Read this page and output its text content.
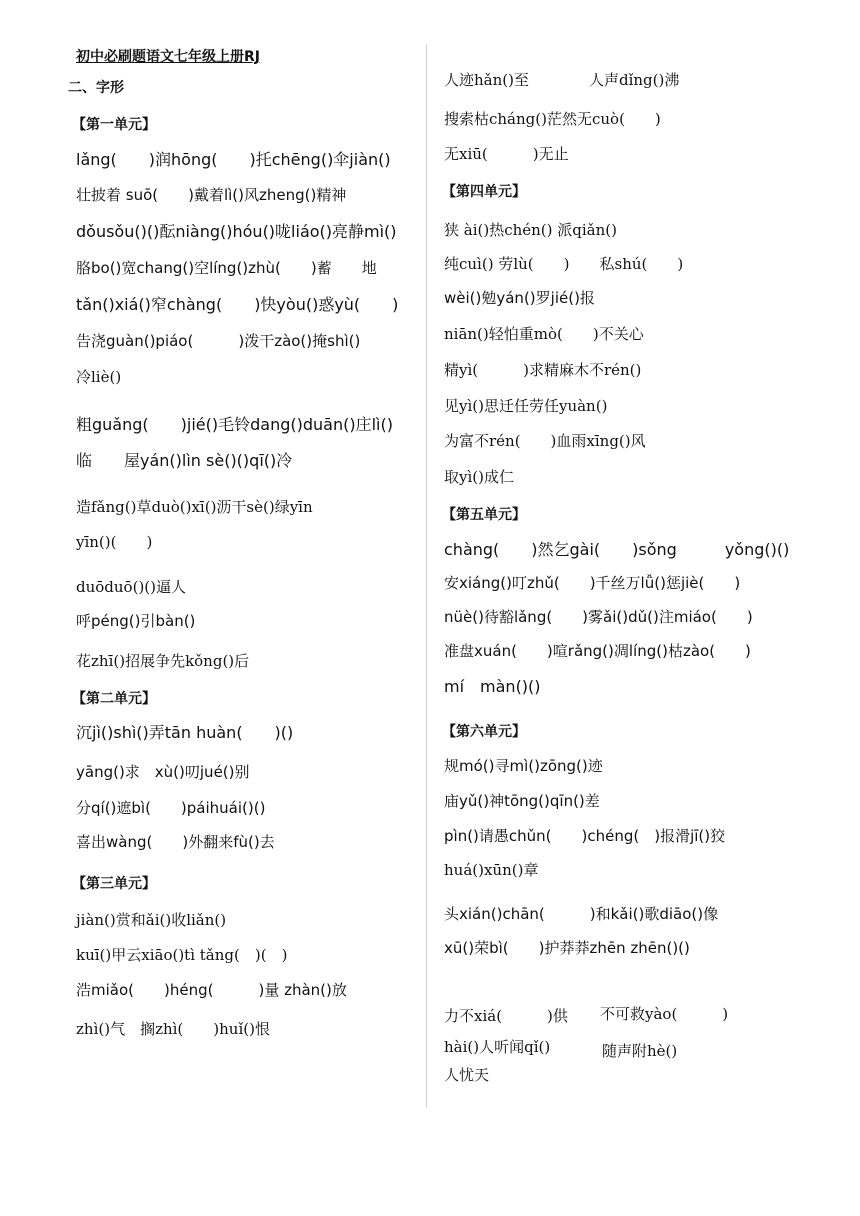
初中必刷题语文七年级上册RJ
二、字形
【第一单元】
lǎng(　　)润hōng(　　)托chēng()伞jiàn()
壮披着 suō(　　)戴着lì()风zheng()精神
dǒusǒu()()酝niàng()hóu()咙liáo()亮静mì()
胳bo()宽chang()空líng()zhù(　　)蓄　　地
tǎn()xiá()窄chàng(　　)快yòu()惑yù(　　)
告浇guàn()piáo(　　　)泼干zào()掩shì()
冷liè()
粗guǎng(　　)jié()毛铃dang()duān()庄lì()
临　　屋yán()lìn sè()()qī()冷
造fǎng()草duò()xī()沥干sè()绿yīn
yīn()(　　)
duōduō()()逼人
呼péng()引bàn()
花zhī()招展争先kǒng()后
【第二单元】
沉jì()shì()弄tān huàn(　　)()
yāng()求　xù()叨jué()别
分qí()遮bì(　　)páihuái()()
喜出wàng(　　)外翻来fù()去
【第三单元】
jiàn()赏和ǎi()收liǎn()
kuī()甲云xiāo()tì tǎng(　)(　)
浩miǎo(　　)héng(　　　)量 zhàn()放
zhì()气　搁zhì(　　)huǐ()恨
人迹hǎn()至　　　　人声dǐng()沸
搜索枯cháng()茫然无cuò(　　)
无xiū(　　　)无止
【第四单元】
狭 ài()热chén() 派qiǎn()
纯cuì() 劳lù(　　)　　私shú(　　)
wèi()勉yán()罗jié()报
niān()轻怕重mò(　　)不关心
精yì(　　　)求精麻木不rén()
见yì()思迁任劳任yuàn()
为富不rén(　　)血雨xīng()风
取yì()成仁
【第五单元】
chàng(　　)然乞gài(　　)sǒng　　　yǒng()()
安xiáng()叮zhǔ(　　)千丝万lǚ()惩jiè(　　)
nüè()待豁lǎng(　　)雾ǎi()dǔ()注miáo(　　)
准盘xuán(　　)喧rǎng()凋líng()枯zào(　　)
mí　màn()()
【第六单元】
规mó()寻mì()zōng()迹
庙yǔ()神tōng()qīn()差
pìn()请愚chǔn(　　)chéng(　)报滑jī()狡
huá()xūn()章
头xián()chān(　　　)和kǎi()歌diāo()像
xū()荣bì(　　)护莽莽zhēn zhēn()()
力不xiá(　　　)供 不可救yào(　　　)
hài()人听闻qǐ()	随声附hè()
人忧天
